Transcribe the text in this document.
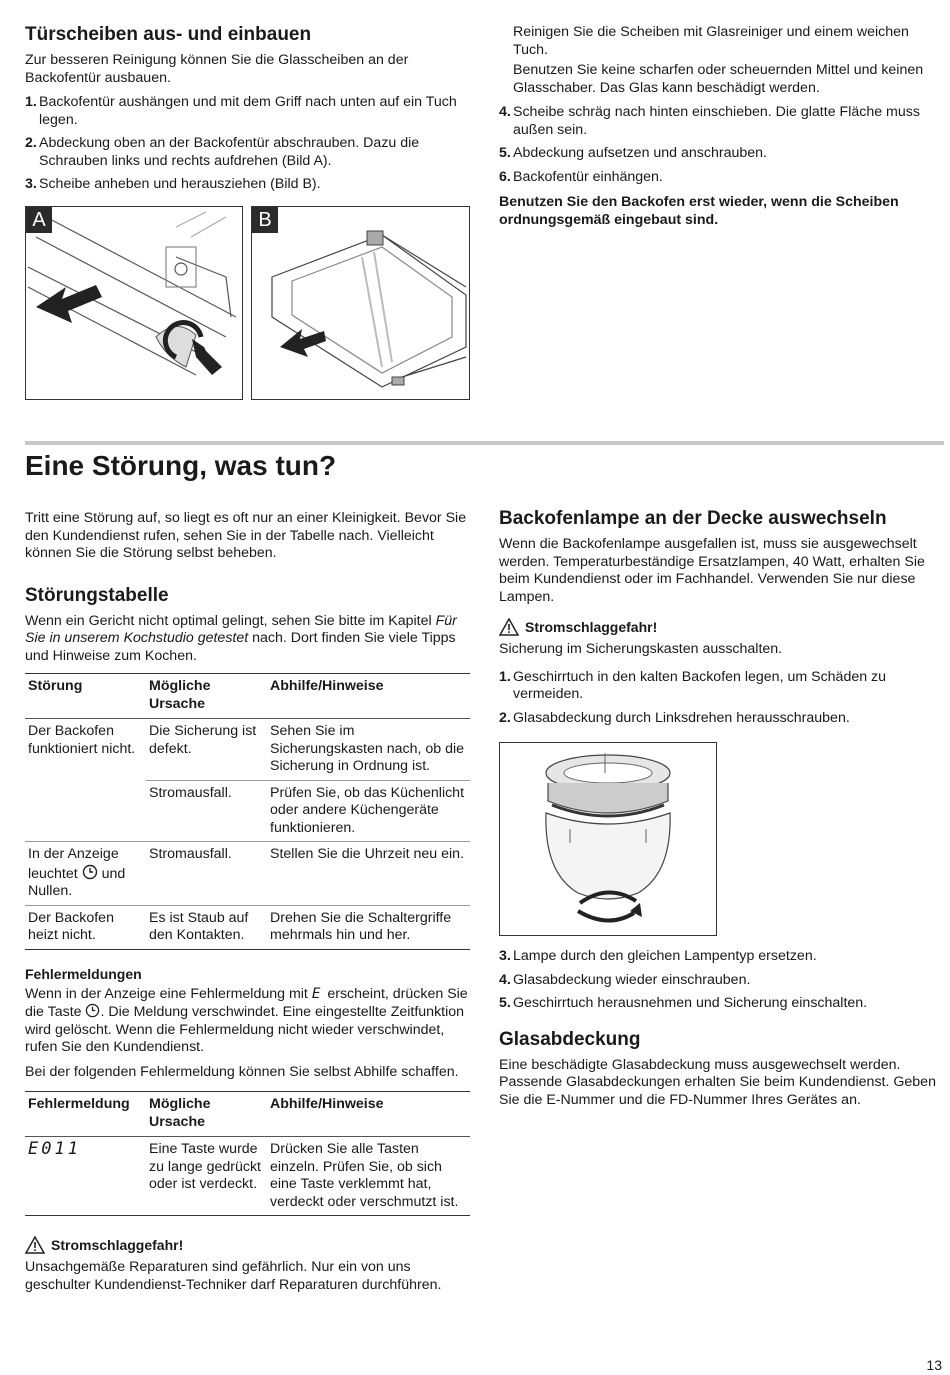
Türscheiben aus- und einbauen

Zur besseren Reinigung können Sie die Glasscheiben an der Backofentür ausbauen.

1. Backofentür aushängen und mit dem Griff nach unten auf ein Tuch legen.
2. Abdeckung oben an der Backofentür abschrauben. Dazu die Schrauben links und rechts aufdrehen (Bild A).
3. Scheibe anheben und herausziehen (Bild B).
A	B

Reinigen Sie die Scheiben mit Glasreiniger und einem weichen Tuch.

Benutzen Sie keine scharfen oder scheuernden Mittel und keinen Glasschaber. Das Glas kann beschädigt werden.

4. Scheibe schräg nach hinten einschieben. Die glatte Fläche muss außen sein.
5. Abdeckung aufsetzen und anschrauben.
6. Backofentür einhängen.

Benutzen Sie den Backofen erst wieder, wenn die Scheiben ordnungsgemäß eingebaut sind.

Eine Störung, was tun?

Tritt eine Störung auf, so liegt es oft nur an einer Kleinigkeit. Bevor Sie den Kundendienst rufen, sehen Sie in der Tabelle nach. Vielleicht können Sie die Störung selbst beheben.

Störungstabelle

Wenn ein Gericht nicht optimal gelingt, sehen Sie bitte im Kapitel Für Sie in unserem Kochstudio getestet nach. Dort finden Sie viele Tipps und Hinweise zum Kochen.

Störung	Mögliche Ursache	Abhilfe/Hinweise
Der Backofen funktioniert nicht.	Die Sicherung ist defekt.	Sehen Sie im Sicherungskasten nach, ob die Sicherung in Ordnung ist.
	Stromausfall.	Prüfen Sie, ob das Küchenlicht oder andere Küchengeräte funktionieren.
In der Anzeige leuchtet und Nullen.	Stromausfall.	Stellen Sie die Uhrzeit neu ein.
Der Backofen heizt nicht.	Es ist Staub auf den Kontakten.	Drehen Sie die Schaltergriffe mehrmals hin und her.
Fehlermeldungen

Wenn in der Anzeige eine Fehlermeldung mit E erscheint, drücken Sie die Taste . Die Meldung verschwindet. Eine eingestellte Zeitfunktion wird gelöscht. Wenn die Fehlermeldung nicht wieder verschwindet, rufen Sie den Kundendienst.

Bei der folgenden Fehlermeldung können Sie selbst Abhilfe schaffen.

Fehlermeldung	Mögliche Ursache	Abhilfe/Hinweise
E011	Eine Taste wurde zu lange gedrückt oder ist verdeckt.	Drücken Sie alle Tasten einzeln. Prüfen Sie, ob sich eine Taste verklemmt hat, verdeckt oder verschmutzt ist.
Stromschlaggefahr!

Unsachgemäße Reparaturen sind gefährlich. Nur ein von uns geschulter Kundendienst-Techniker darf Reparaturen durchführen.

Backofenlampe an der Decke auswechseln

Wenn die Backofenlampe ausgefallen ist, muss sie ausgewechselt werden. Temperaturbeständige Ersatzlampen, 40 Watt, erhalten Sie beim Kundendienst oder im Fachhandel. Verwenden Sie nur diese Lampen.

Stromschlaggefahr!

Sicherung im Sicherungskasten ausschalten.

1. Geschirrtuch in den kalten Backofen legen, um Schäden zu vermeiden.
2. Glasabdeckung durch Linksdrehen herausschrauben.
3. Lampe durch den gleichen Lampentyp ersetzen.
4. Glasabdeckung wieder einschrauben.
5. Geschirrtuch herausnehmen und Sicherung einschalten.
Glasabdeckung

Eine beschädigte Glasabdeckung muss ausgewechselt werden. Passende Glasabdeckungen erhalten Sie beim Kundendienst. Geben Sie die E-Nummer und die FD-Nummer Ihres Gerätes an.

13
